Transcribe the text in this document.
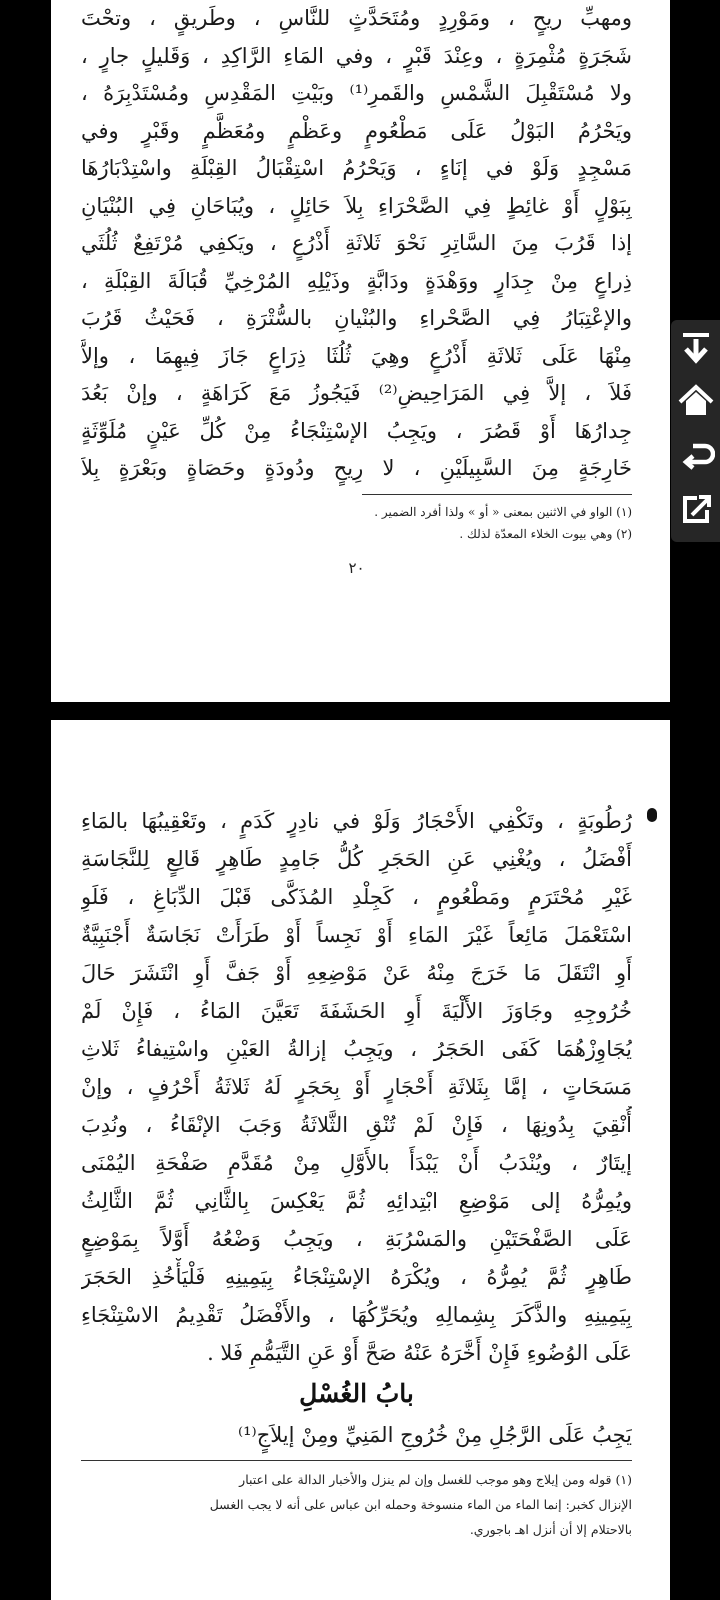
ومهبِّ ريحٍ ، ومَوْرِدٍ ومُتَحَدَّثٍ للنَّاسِ ، وطَريقٍ ، وتحْتَ
شَجَرَةٍ مُثْمِرَةٍ ، وعِنْدَ قَبْرٍ ، وفي المَاءِ الرَّاكِدِ ، وَقَليلٍ جارٍ ،
ولا مُسْتَقْبِلَ الشَّمْسِ والقَمرِ⁽¹⁾ وبَيْتِ المَقْدِسِ ومُسْتَدْبِرَهُ ،
ويَحْرُمُ البَوْلُ عَلَى مَطْعُومٍ وعَظْمٍ ومُعَظَّمٍ وقَبْرٍ وفي
مَسْجِدٍ وَلَوْ في إنَاءٍ ، وَيَحْرُمُ اسْتِقْبَالُ القِبْلَةِ واسْتِدْبَارُهَا
بِبَوْلٍ أَوْ غائِطٍ فِي الصَّحْرَاءِ بِلاَ حَائِلٍ ، ويُبَاحَانِ فِي البُنْيَانِ
إذا قَرُبَ مِنَ السَّاتِرِ نَحْوَ ثَلاثَةِ أَذْرُعٍ ، ويَكفِي مُرْتَفِعٌ ثُلُثَي
ذِراعٍ مِنْ جِدَارٍ ووَهْدَةٍ ودَابَّةٍ وذَيْلِهِ المُرْخِيِّ قُبَالَةَ القِبْلَةِ ،
والإعْتِبَارُ فِي الصَّحْراءِ والبُنْيانِ بالسُّتْرَةِ ، فَحَيْثُ قَرُبَ
مِنْهَا عَلَى ثَلاثَةِ أَذْرُعٍ وهِيَ ثُلُثَا ذِرَاعٍ جَازَ فِيهِمَا ، وإلاَّ
فَلاَ ، إلاَّ فِي المَرَاحِيضِ⁽²⁾ فَيَجُوزُ مَعَ كَرَاهَةٍ ، وإنْ بَعُدَ
جِدارُهَا أَوْ قَصُرَ ، ويَجِبُ الإسْتِنْجَاءُ مِنْ كُلِّ عَيْنٍ مُلَوِّثَةٍ
خَارِجَةٍ مِنَ السَّبِيلَيْنِ ، لا رِيحٍ ودُودَةٍ وحَصَاةٍ وبَعْرَةٍ بِلاَ
(١) الواو في الاثنين بمعنى « أو » ولذا أفرد الضمير .
(٢) وهي بيوت الخلاء المعدّة لذلك .
٢٠
رُطُوبَةٍ ، وتَكْفِي الأَحْجَارُ وَلَوْ في نادِرٍ كَدَمٍ ، وتَعْقِيبُهَا بالمَاءِ
أَفْضَلُ ، ويُغْنِي عَنِ الحَجَرِ كُلُّ جَامِدٍ طَاهِرٍ قَالِعٍ لِلنَّجَاسَةِ
غَيْرِ مُحْتَرَمٍ ومَطْعُومٍ ، كَجِلْدِ المُذَكَّى قَبْلَ الدِّبَاغِ ، فَلَوِ
اسْتَعْمَلَ مَائِعاً غَيْرَ المَاءِ أَوْ نَجِساً أَوْ طَرَأَتْ نَجَاسَةٌ أَجْنَبِيَّةٌ
أَوِ انْتَقَلَ مَا خَرَجَ مِنْهُ عَنْ مَوْضِعِهِ أَوْ جَفَّ أَوِ انْتَشَرَ حَالَ
خُرُوجِهِ وجَاوَزَ الأَلْيَةَ أَوِ الحَشَفَةَ تَعَيَّنَ المَاءُ ، فَإِنْ لَمْ
يُجَاوِزْهُمَا كَفَى الحَجَرُ ، ويَجِبُ إزالةُ العَيْنِ واسْتِيفاءُ ثَلاثِ
مَسَحَاتٍ ، إمَّا بِثَلاثَةِ أَحْجَارٍ أَوْ بِحَجَرٍ لَهُ ثَلاثَةُ أَحْرُفٍ ، وإنْ
أُنْقِيَ بِدُونِهَا ، فَإِنْ لَمْ تُنْقِ الثَّلاثَةُ وَجَبَ الإنْقَاءُ ، ونُدِبَ
إيتَارٌ ، ويُنْدَبُ أَنْ يَبْدَأَ بالأَوَّلِ مِنْ مُقَدَّمِ صَفْحَةِ اليُمْنَى
ويُمِرُّهُ إلى مَوْضِعِ ابْتِدائِهِ ثُمَّ يَعْكِسَ بِالثَّانِي ثُمَّ الثَّالِثُ
عَلَى الصَّفْحَتَيْنِ والمَسْرُبَةِ ، ويَجِبُ وَضْعُهُ أَوَّلاً بِمَوْضِعٍ
طَاهِرٍ ثُمَّ يُمِرُّهُ ، ويُكْرَهُ الإسْتِنْجَاءُ بِيَمِينِهِ فَلْيَأْخُذِ الحَجَرَ
بِيَمِينِهِ والذَّكَرَ بِشِمالِهِ ويُحَرِّكُهَا ، والأَفْضَلُ تَقْدِيمُ الاسْتِنْجَاءِ
عَلَى الوُضُوءِ فَإِنْ أَخَّرَهُ عَنْهُ صَحَّ أَوْ عَنِ التَّيَمُّمِ فَلا .
بابُ الغُسْلِ
يَجِبُ عَلَى الرَّجُلِ مِنْ خُرُوجِ المَنِيِّ ومِنْ إيلاَجٍ⁽¹⁾
(١) قوله ومن إيلاج وهو موجب للغسل وإن لم ينزل والأخبار الدالة على اعتبار
الإنزال كخبر: إنما الماء من الماء منسوخة وحمله ابن عباس على أنه لا يجب الغسل
بالاحتلام إلا أن أنزل اهـ باجوري.
